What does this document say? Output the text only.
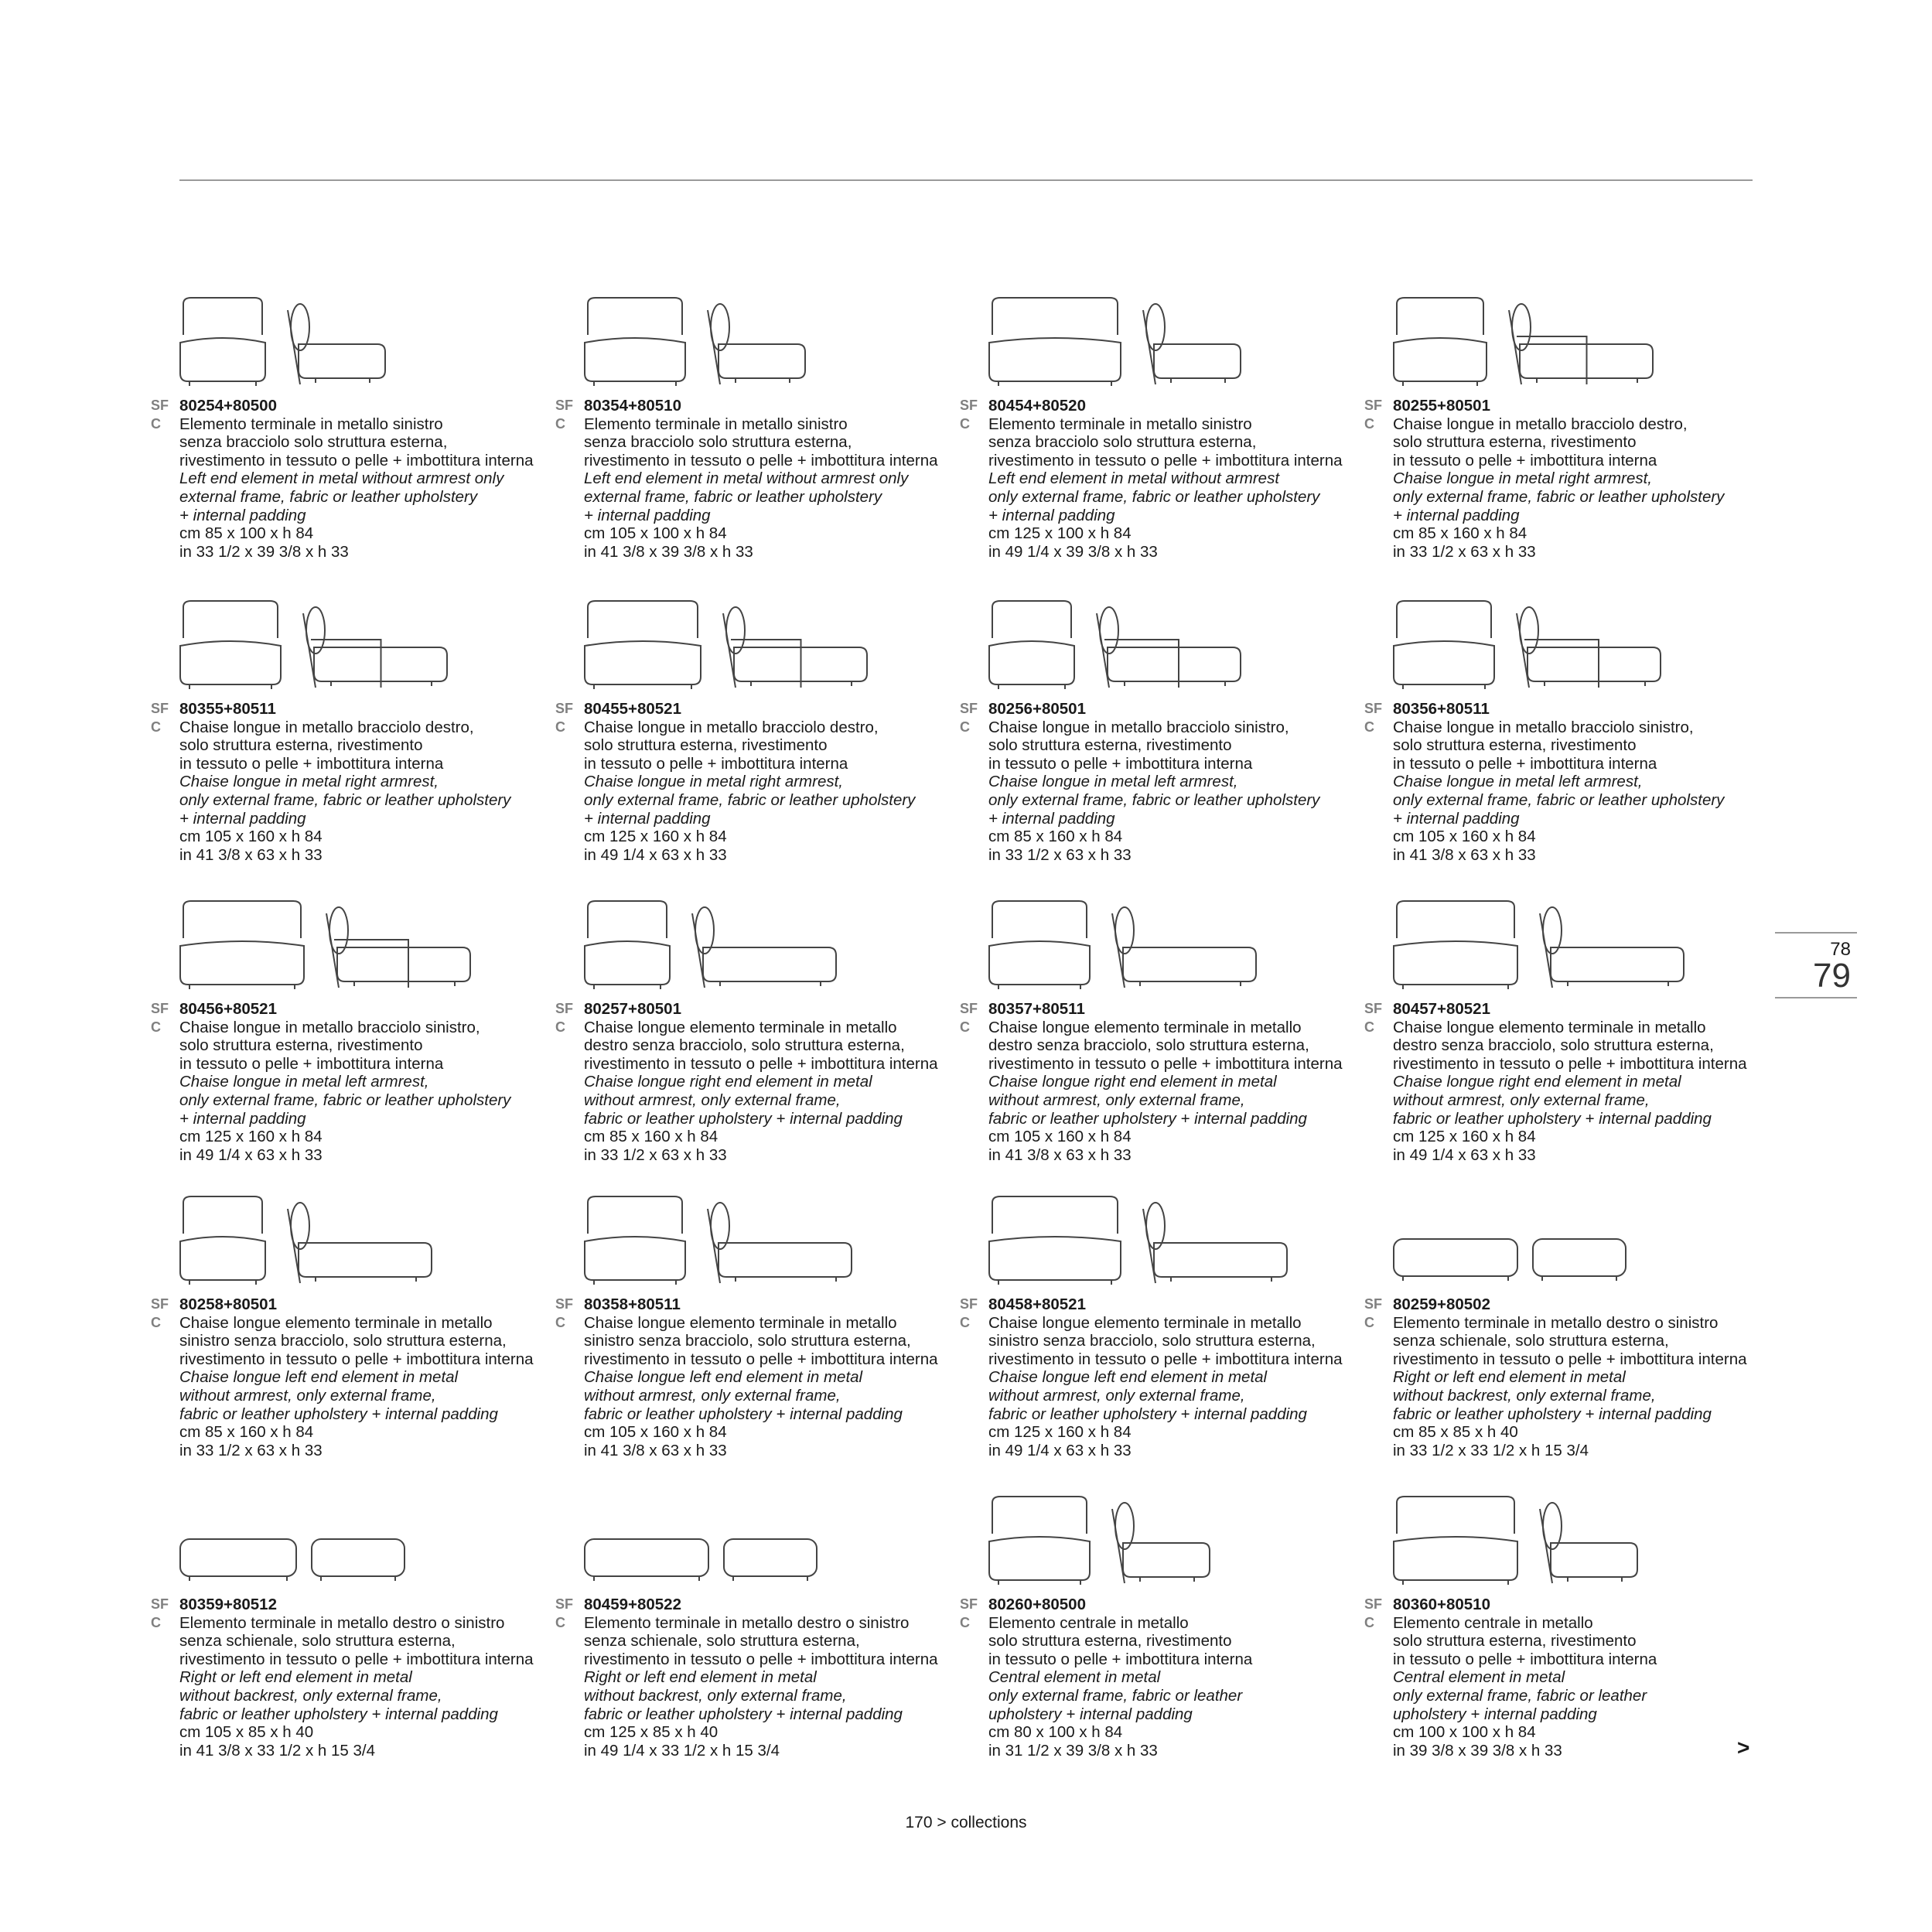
SF
C
80254+80500
Elemento terminale in metallo sinistro
senza bracciolo solo struttura esterna,
rivestimento in tessuto o pelle + imbottitura interna
Left end element in metal without armrest only
external frame, fabric or leather upholstery
+ internal padding
cm 85 x 100 x h 84
in 33 1/2 x 39 3/8 x h 33
SF
C
80354+80510
Elemento terminale in metallo sinistro
senza bracciolo solo struttura esterna,
rivestimento in tessuto o pelle + imbottitura interna
Left end element in metal without armrest only
external frame, fabric or leather upholstery
+ internal padding
cm 105 x 100 x h 84
in 41 3/8 x 39 3/8 x h 33
SF
C
80454+80520
Elemento terminale in metallo sinistro
senza bracciolo solo struttura esterna,
rivestimento in tessuto o pelle + imbottitura interna
Left end element in metal without armrest
only external frame, fabric or leather upholstery
+ internal padding
cm 125 x 100 x h 84
in 49 1/4 x 39 3/8 x h 33
SF
C
80255+80501
Chaise longue in metallo bracciolo destro,
solo struttura esterna, rivestimento
in tessuto o pelle + imbottitura interna
Chaise longue in metal right armrest,
only external frame, fabric or leather upholstery
+ internal padding
cm 85 x 160 x h 84
in 33 1/2 x 63 x h 33
SF
C
80355+80511
Chaise longue in metallo bracciolo destro,
solo struttura esterna, rivestimento
in tessuto o pelle + imbottitura interna
Chaise longue in metal right armrest,
only external frame, fabric or leather upholstery
+ internal padding
cm 105 x 160 x h 84
in 41 3/8 x 63 x h 33
SF
C
80455+80521
Chaise longue in metallo bracciolo destro,
solo struttura esterna, rivestimento
in tessuto o pelle + imbottitura interna
Chaise longue in metal right armrest,
only external frame, fabric or leather upholstery
+ internal padding
cm 125 x 160 x h 84
in 49 1/4 x 63 x h 33
SF
C
80256+80501
Chaise longue in metallo bracciolo sinistro,
solo struttura esterna, rivestimento
in tessuto o pelle + imbottitura interna
Chaise longue in metal left armrest,
only external frame, fabric or leather upholstery
+ internal padding
cm 85 x 160 x h 84
in 33 1/2 x 63 x h 33
SF
C
80356+80511
Chaise longue in metallo bracciolo sinistro,
solo struttura esterna, rivestimento
in tessuto o pelle + imbottitura interna
Chaise longue in metal left armrest,
only external frame, fabric or leather upholstery
+ internal padding
cm 105 x 160 x h 84
in 41 3/8 x 63 x h 33
SF
C
80456+80521
Chaise longue in metallo bracciolo sinistro,
solo struttura esterna, rivestimento
in tessuto o pelle + imbottitura interna
Chaise longue in metal left armrest,
only external frame, fabric or leather upholstery
+ internal padding
cm 125 x 160 x h 84
in 49 1/4 x 63 x h 33
SF
C
80257+80501
Chaise longue elemento terminale in metallo
destro senza bracciolo, solo struttura esterna,
rivestimento in tessuto o pelle + imbottitura interna
Chaise longue right end element in metal
without armrest, only external frame,
fabric or leather upholstery + internal padding
cm 85 x 160 x h 84
in 33 1/2 x 63 x h 33
SF
C
80357+80511
Chaise longue elemento terminale in metallo
destro senza bracciolo, solo struttura esterna,
rivestimento in tessuto o pelle + imbottitura interna
Chaise longue right end element in metal
without armrest, only external frame,
fabric or leather upholstery + internal padding
cm 105 x 160 x h 84
in 41 3/8 x 63 x h 33
SF
C
80457+80521
Chaise longue elemento terminale in metallo
destro senza bracciolo, solo struttura esterna,
rivestimento in tessuto o pelle + imbottitura interna
Chaise longue right end element in metal
without armrest, only external frame,
fabric or leather upholstery + internal padding
cm 125 x 160 x h 84
in 49 1/4 x 63 x h 33
SF
C
80258+80501
Chaise longue elemento terminale in metallo
sinistro senza bracciolo, solo struttura esterna,
rivestimento in tessuto o pelle + imbottitura interna
Chaise longue left end element in metal
without armrest, only external frame,
fabric or leather upholstery + internal padding
cm 85 x 160 x h 84
in 33 1/2 x 63 x h 33
SF
C
80358+80511
Chaise longue elemento terminale in metallo
sinistro senza bracciolo, solo struttura esterna,
rivestimento in tessuto o pelle + imbottitura interna
Chaise longue left end element in metal
without armrest, only external frame,
fabric or leather upholstery + internal padding
cm 105 x 160 x h 84
in 41 3/8 x 63 x h 33
SF
C
80458+80521
Chaise longue elemento terminale in metallo
sinistro senza bracciolo, solo struttura esterna,
rivestimento in tessuto o pelle + imbottitura interna
Chaise longue left end element in metal
without armrest, only external frame,
fabric or leather upholstery + internal padding
cm 125 x 160 x h 84
in 49 1/4 x 63 x h 33
SF
C
80259+80502
Elemento terminale in metallo destro o sinistro
senza schienale, solo struttura esterna,
rivestimento in tessuto o pelle + imbottitura interna
Right or left end element in metal
without backrest, only external frame,
fabric or leather upholstery + internal padding
cm 85 x 85 x h 40
in 33 1/2 x 33 1/2 x h 15 3/4
SF
C
80359+80512
Elemento terminale in metallo destro o sinistro
senza schienale, solo struttura esterna,
rivestimento in tessuto o pelle + imbottitura interna
Right or left end element in metal
without backrest, only external frame,
fabric or leather upholstery + internal padding
cm 105 x 85 x h 40
in 41 3/8 x 33 1/2 x h 15 3/4
SF
C
80459+80522
Elemento terminale in metallo destro o sinistro
senza schienale, solo struttura esterna,
rivestimento in tessuto o pelle + imbottitura interna
Right or left end element in metal
without backrest, only external frame,
fabric or leather upholstery + internal padding
cm 125 x 85 x h 40
in 49 1/4 x 33 1/2 x h 15 3/4
SF
C
80260+80500
Elemento centrale in metallo
solo struttura esterna, rivestimento
in tessuto o pelle + imbottitura interna
Central element in metal
only external frame, fabric or leather
upholstery + internal padding
cm 80 x 100 x h 84
in 31 1/2 x 39 3/8 x h 33
SF
C
80360+80510
Elemento centrale in metallo
solo struttura esterna, rivestimento
in tessuto o pelle + imbottitura interna
Central element in metal
only external frame, fabric or leather
upholstery + internal padding
cm 100 x 100 x h 84
in 39 3/8 x 39 3/8 x h 33
78
79
>
170 > collections
